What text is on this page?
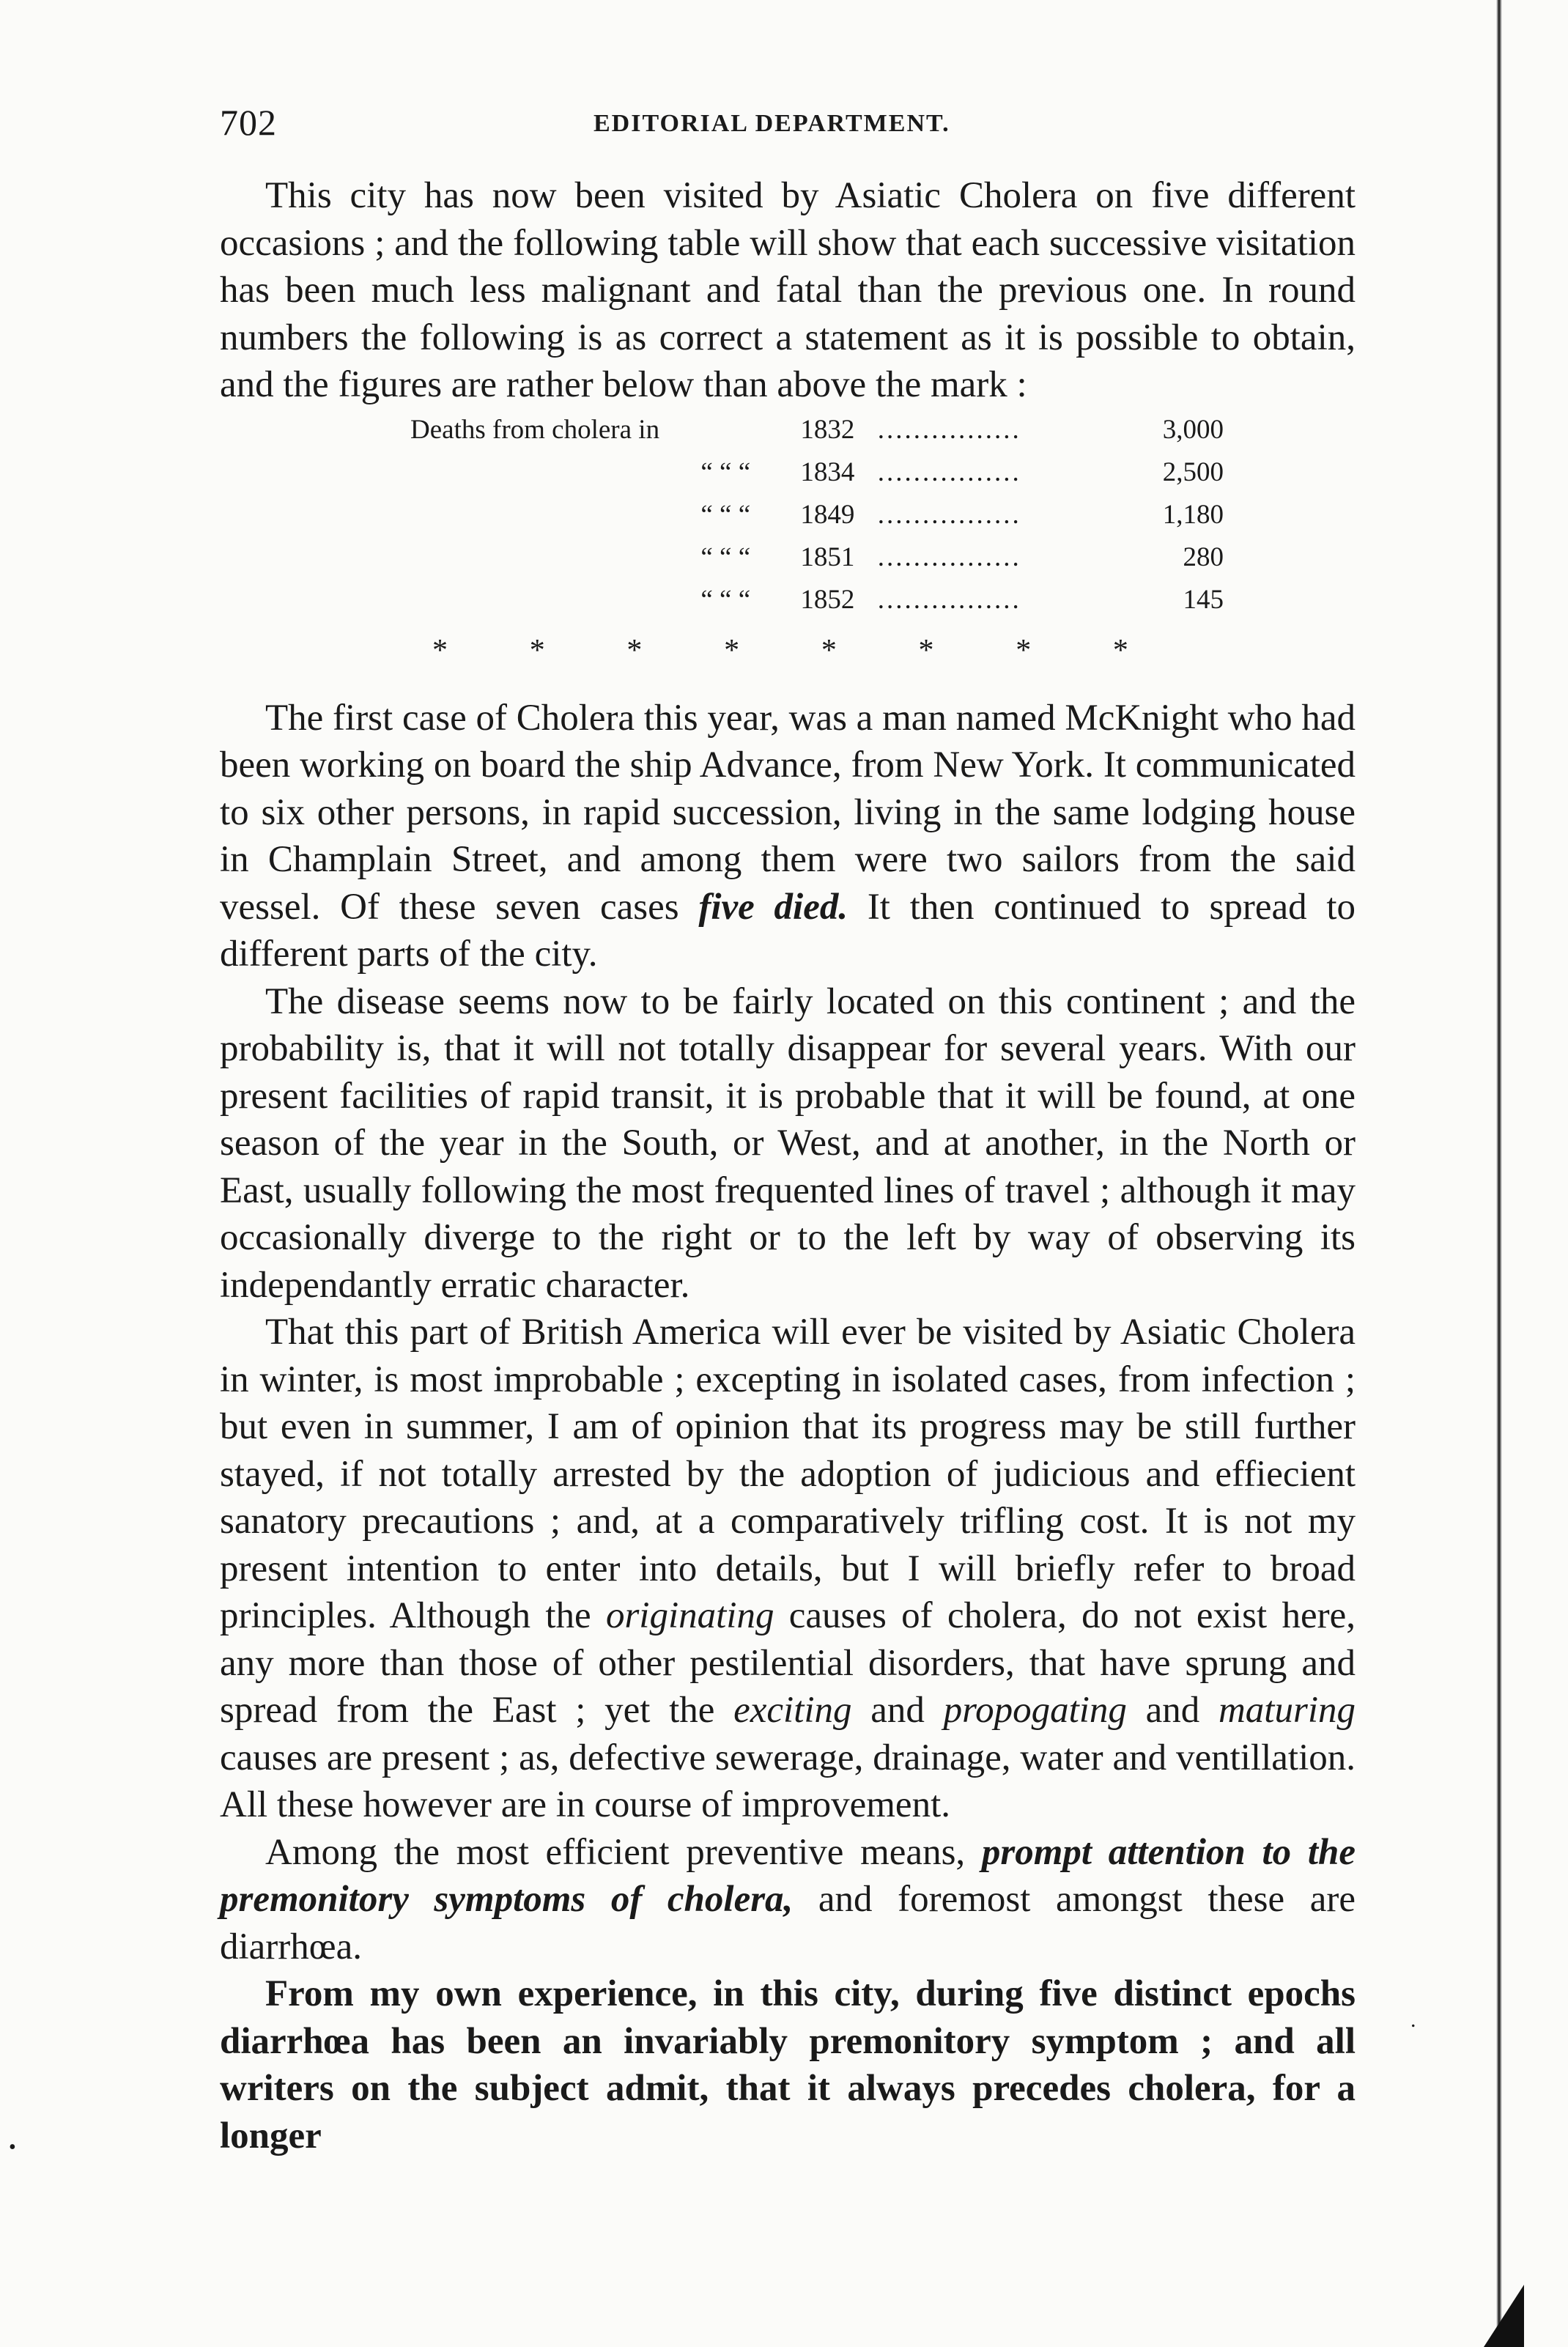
702	EDITORIAL DEPARTMENT.

This city has now been visited by Asiatic Cholera on five different occasions ; and the following table will show that each successive visitation has been much less malignant and fatal than the previous one. In round numbers the following is as correct a statement as it is possible to obtain, and the figures are rather below than above the mark :

Deaths from cholera in		1832	................	3,000
	“ “ “	1834	................	2,500
	“ “ “	1849	................	1,180
	“ “ “	1851	................	280
	“ “ “	1852	................	145
*	*	*	*	*	*	*	*

The first case of Cholera this year, was a man named McKnight who had been working on board the ship Advance, from New York. It communicated to six other persons, in rapid succession, living in the same lodging house in Champlain Street, and among them were two sailors from the said vessel. Of these seven cases five died. It then continued to spread to different parts of the city.

The disease seems now to be fairly located on this continent ; and the probability is, that it will not totally disappear for several years. With our present facilities of rapid transit, it is probable that it will be found, at one season of the year in the South, or West, and at another, in the North or East, usually following the most frequented lines of travel ; although it may occasionally diverge to the right or to the left by way of observing its independantly erratic character.

That this part of British America will ever be visited by Asiatic Cholera in winter, is most improbable ; excepting in isolated cases, from infection ; but even in summer, I am of opinion that its progress may be still further stayed, if not totally arrested by the adoption of judicious and effiecient sanatory precautions ; and, at a comparatively trifling cost. It is not my present intention to enter into details, but I will briefly refer to broad principles. Although the originating causes of cholera, do not exist here, any more than those of other pestilential disorders, that have sprung and spread from the East ; yet the exciting and propogating and maturing causes are present ; as, defective sewerage, drainage, water and ventillation. All these however are in course of improvement.

Among the most efficient preventive means, prompt attention to the premonitory symptoms of cholera, and foremost amongst these are diarrhœa.

From my own experience, in this city, during five distinct epochs diarrhœa has been an invariably premonitory symptom ; and all writers on the subject admit, that it always precedes cholera, for a longer

•
.
